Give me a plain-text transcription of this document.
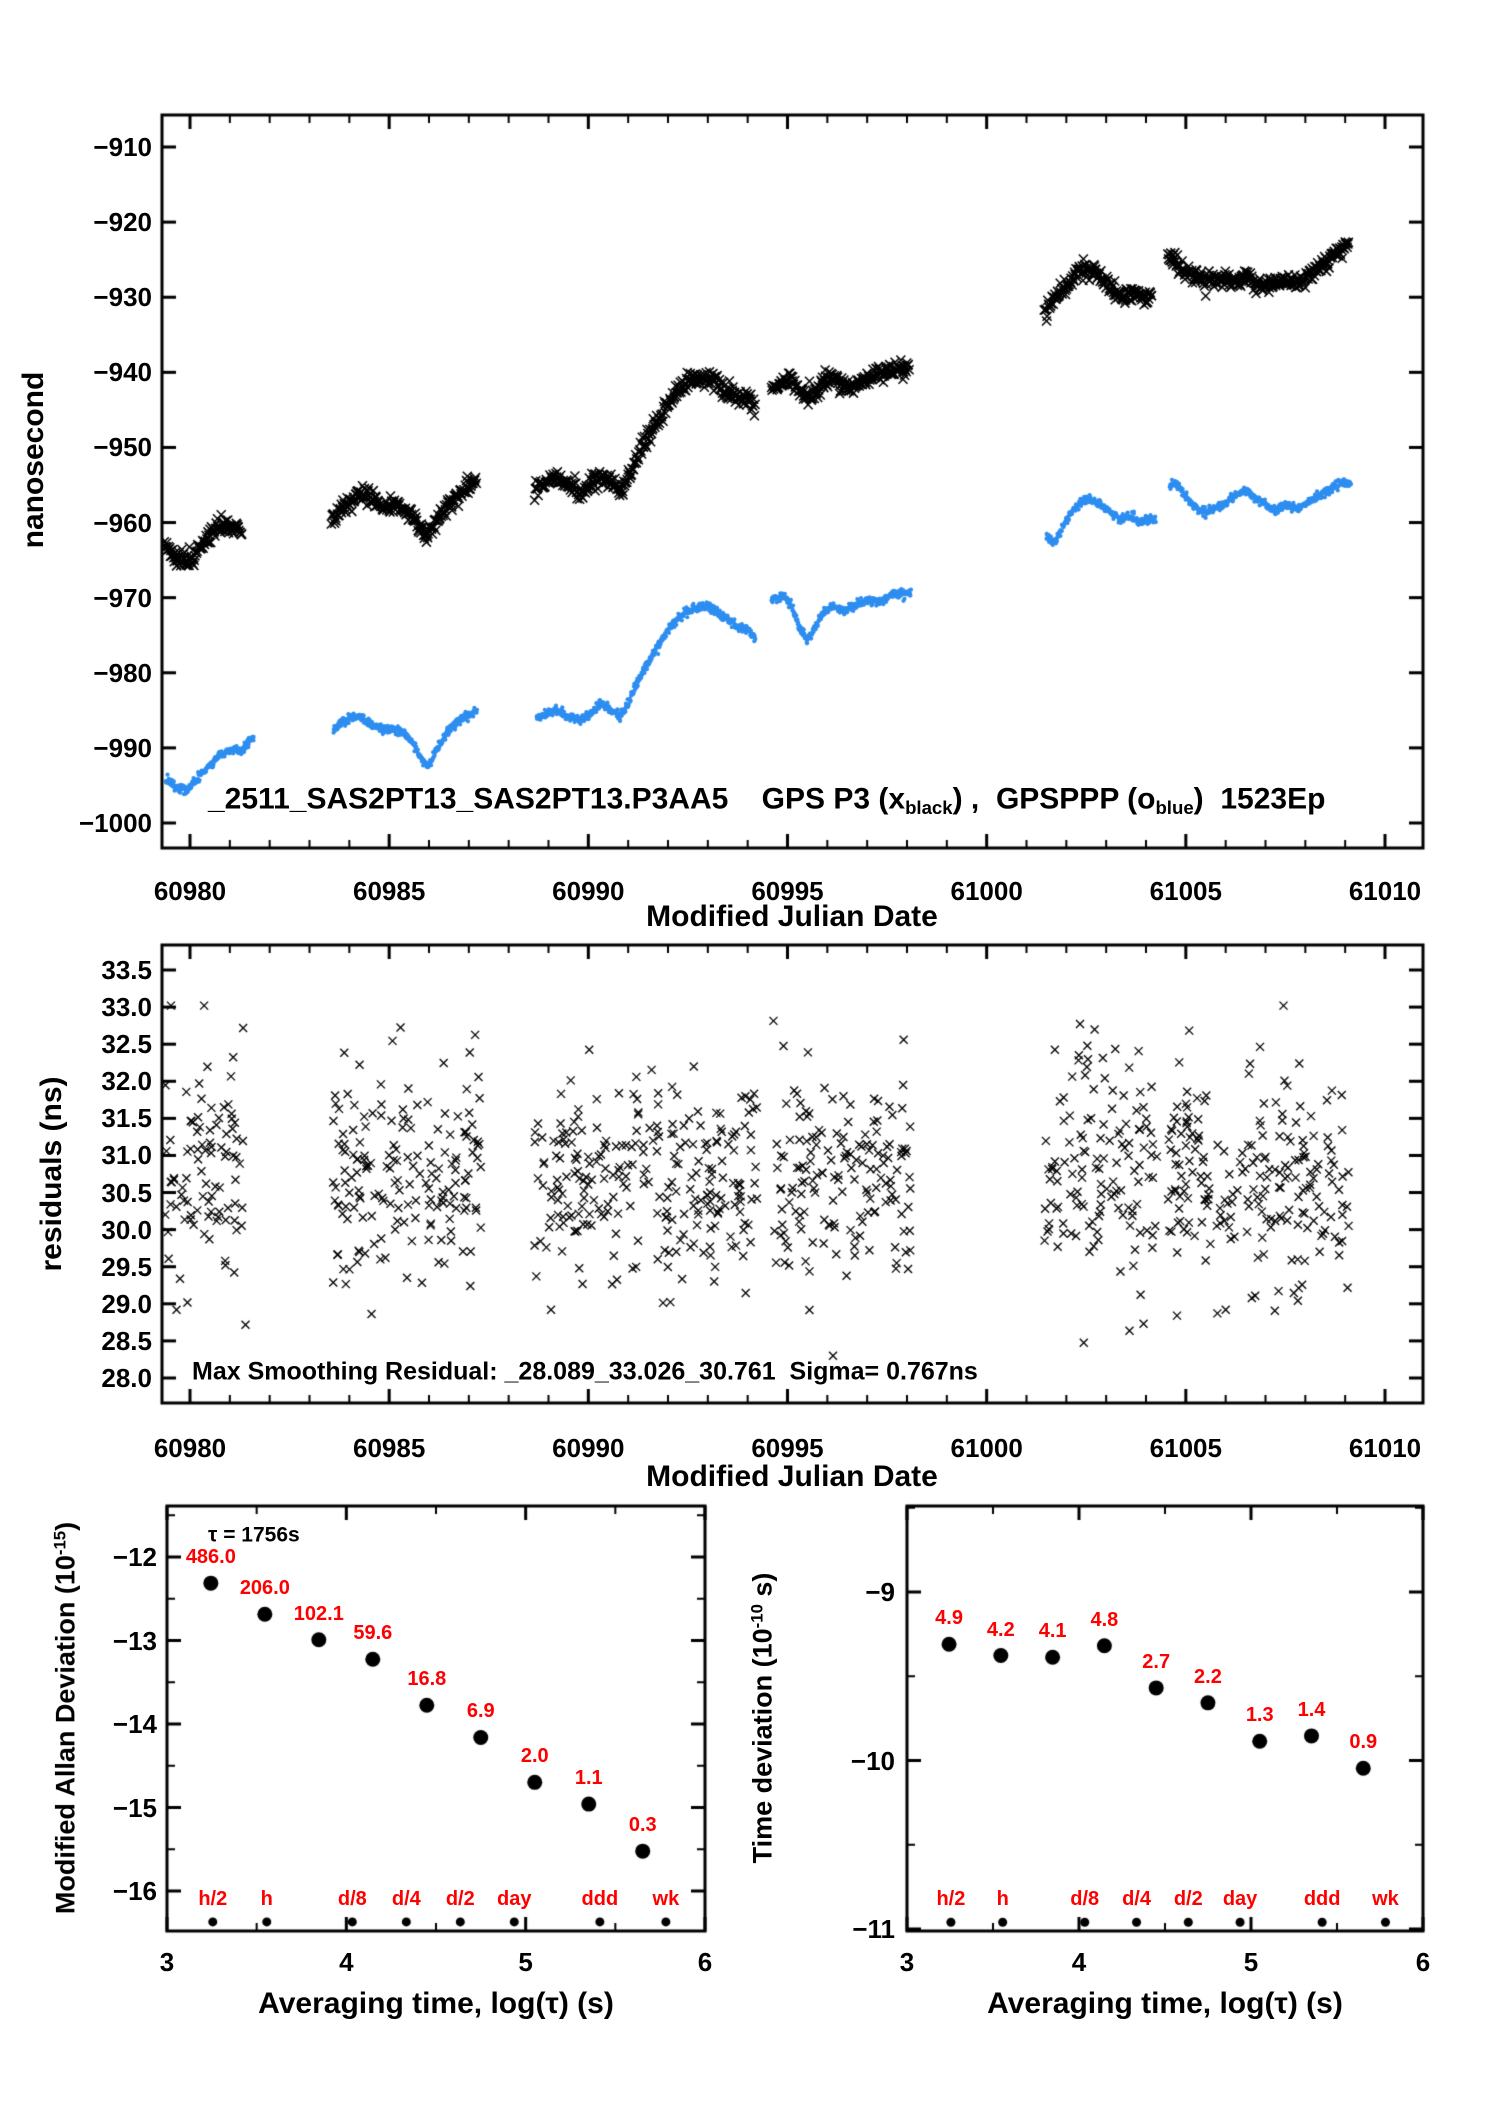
−910
−920
−930
−940
−950
−960
−970
−980
−990
−1000
60980	60985	60990	60995	61000	61005	61010
33.5
33.0
32.5
32.0
31.5
31.0
30.5
30.0
29.5
29.0
28.5
28.0
60980	60985	60990	60995	61000	61005	61010
−12
−13
−14
−15
−16
3	4	5	6
−9
−10
−11
3	4	5	6
486.0
206.0
102.1
59.6
16.8
6.9
2.0
1.1
0.3
h/2 h	d/8 d/4 d/2 day	ddd wk
4.9
4.2 4.1
4.8
2.7
2.2
1.3 1.4
0.9
h/2 h	d/8 d/4 d/2 day ddd wk
nanosecond
Modified Julian Date
_2511_SAS2PT13_SAS2PT13.P3AA5    GPS P3 (xblack) ,  GPSPPP (oblue)  1523Ep
residuals (ns)
Modified Julian Date
Max Smoothing Residual: _28.089_33.026_30.761  Sigma= 0.767ns
Modified Allan Deviation $(10^{-15})$
Averaging time, log(τ) (s)
τ = 1756s
Time deviation ($10^{-10}$ s)
Averaging time, log(τ) (s)
